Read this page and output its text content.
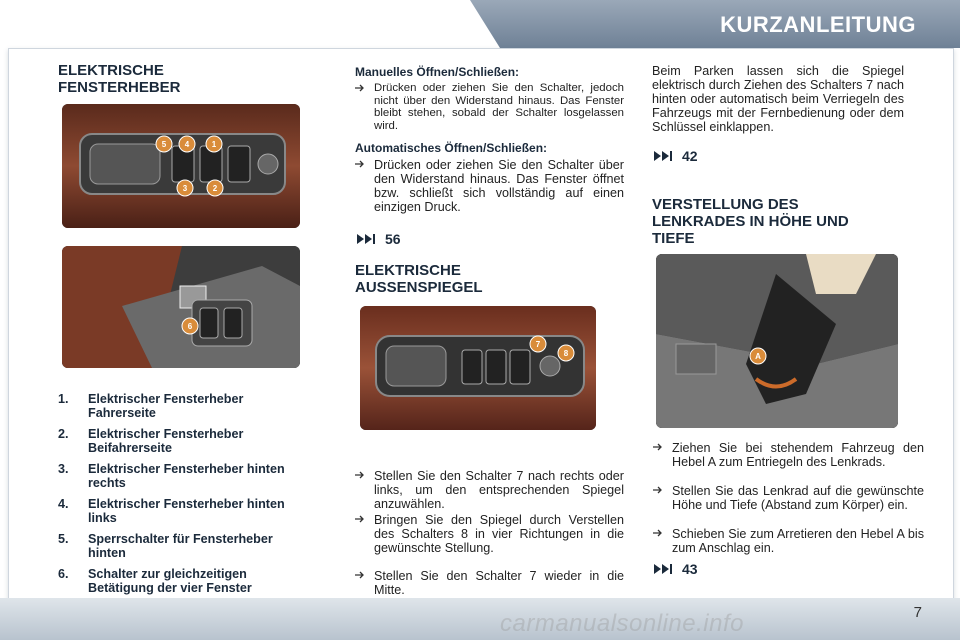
KURZANLEITUNG
ELEKTRISCHE
FENSTERHEBER
5 4	1
3	2
6
1. Elektrischer Fensterheber Fahrerseite
2. Elektrischer Fensterheber Beifahrerseite
3. Elektrischer Fensterheber hinten rechts
4. Elektrischer Fensterheber hinten links
5. Sperrschalter für Fensterheber hinten
6. Schalter zur gleichzeitigen Betätigung der vier Fenster
Manuelles Öffnen/Schließen:
Drücken oder ziehen Sie den Schalter, jedoch nicht über den Widerstand hinaus. Das Fenster bleibt stehen, sobald der Schalter losgelassen wird.
Automatisches Öffnen/Schließen:
Drücken oder ziehen Sie den Schalter über den Widerstand hinaus. Das Fenster öffnet bzw. schließt sich vollständig auf einen einzigen Druck.
56
ELEKTRISCHE
AUSSENSPIEGEL
7
8
Stellen Sie den Schalter 7 nach rechts oder links, um den entsprechenden Spiegel anzuwählen.
Bringen Sie den Spiegel durch Verstellen des Schalters 8 in vier Richtungen in die gewünschte Stellung.
Stellen Sie den Schalter 7 wieder in die Mitte.
Beim Parken lassen sich die Spiegel elektrisch durch Ziehen des Schalters 7 nach hinten oder automatisch beim Verriegeln des Fahrzeugs mit der Fernbedienung oder dem Schlüssel einklappen.
42
VERSTELLUNG DES
LENKRADES IN HÖHE UND
TIEFE
A
Ziehen Sie bei stehendem Fahrzeug den Hebel A zum Entriegeln des Lenkrads.
Stellen Sie das Lenkrad auf die gewünschte Höhe und Tiefe (Abstand zum Körper) ein.
Schieben Sie zum Arretieren den Hebel A bis zum Anschlag ein.
43
carmanualsonline.info	7
